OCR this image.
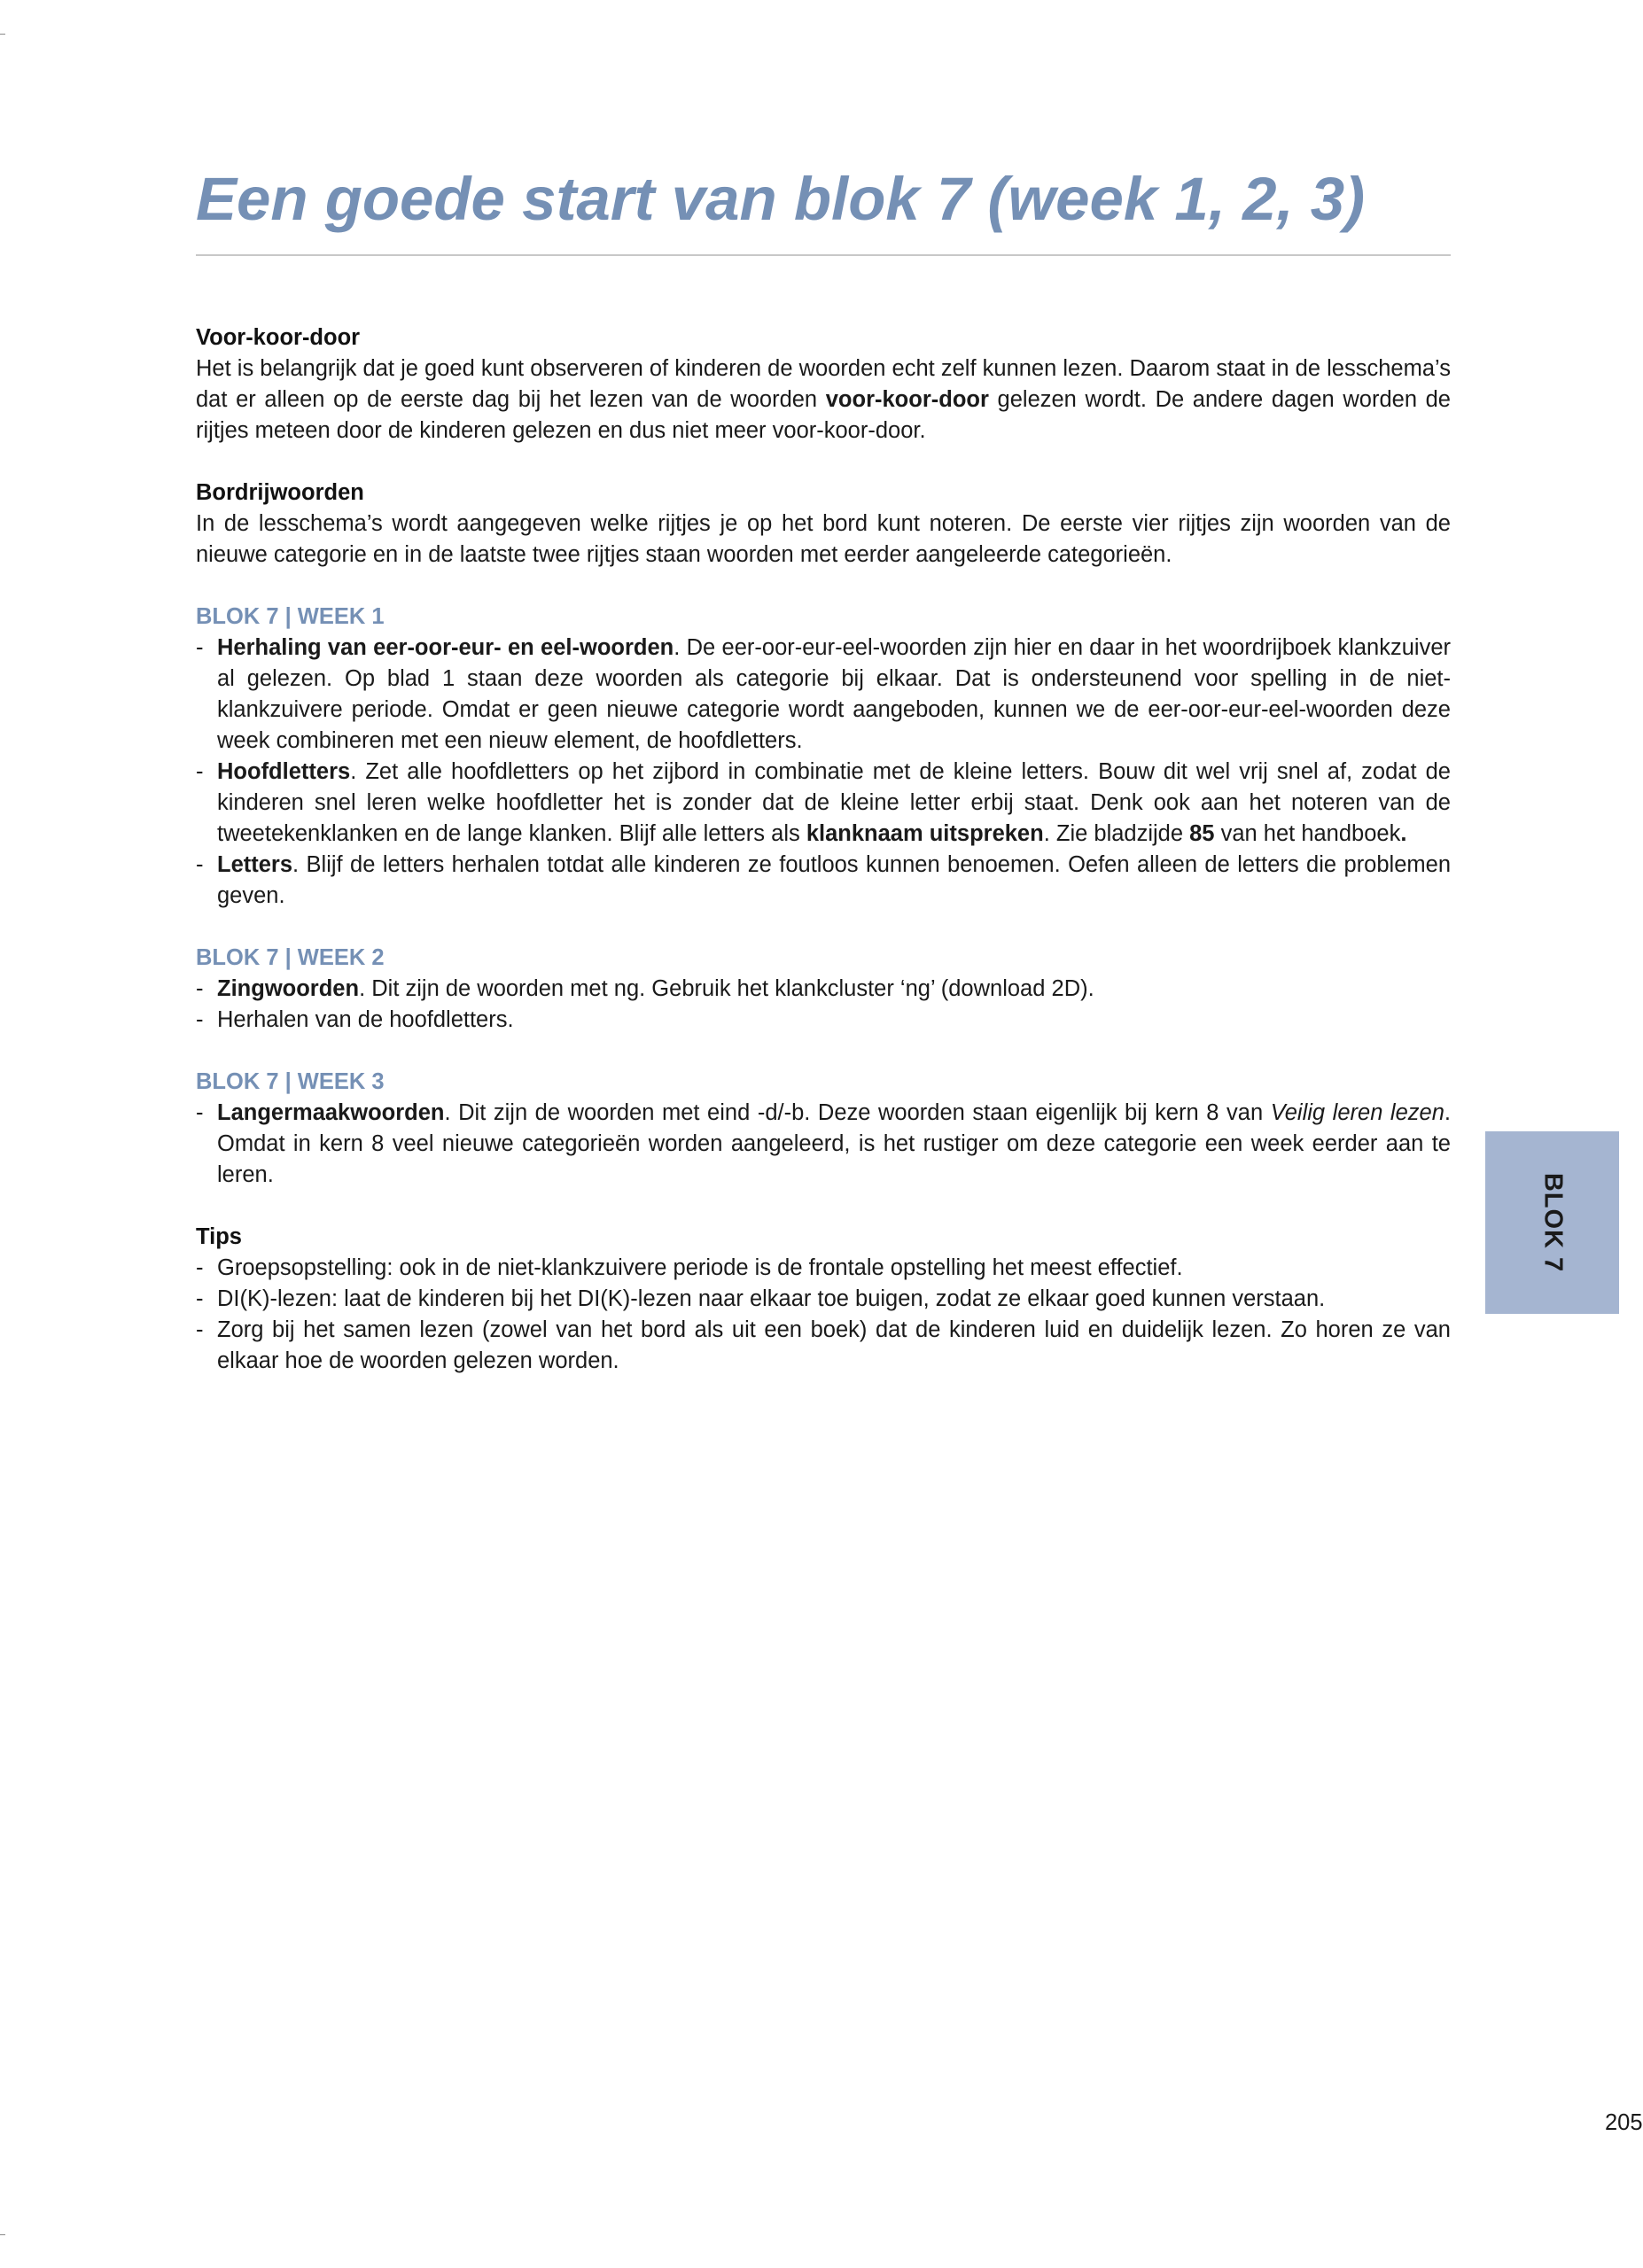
Een goede start van blok 7 (week 1, 2, 3)
Voor-koor-door

Het is belangrijk dat je goed kunt observeren of kinderen de woorden echt zelf kunnen lezen. Daarom staat in de lesschema’s dat er alleen op de eerste dag bij het lezen van de woorden voor-koor-door gelezen wordt. De andere dagen worden de rijtjes meteen door de kinderen gelezen en dus niet meer voor-koor-door.

Bordrijwoorden

In de lesschema’s wordt aangegeven welke rijtjes je op het bord kunt noteren. De eerste vier rijtjes zijn woorden van de nieuwe categorie en in de laatste twee rijtjes staan woorden met eerder aangeleerde categorieën.

BLOK 7 | WEEK 1
- Herhaling van eer-oor-eur- en eel-woorden. De eer-oor-eur-eel-woorden zijn hier en daar in het woordrijboek klankzuiver al gelezen. Op blad 1 staan deze woorden als categorie bij elkaar. Dat is ondersteunend voor spelling in de niet-klankzuivere periode. Omdat er geen nieuwe categorie wordt aangeboden, kunnen we de eer-oor-eur-eel-woorden deze week combineren met een nieuw element, de hoofdletters.
- Hoofdletters. Zet alle hoofdletters op het zijbord in combinatie met de kleine letters. Bouw dit wel vrij snel af, zodat de kinderen snel leren welke hoofdletter het is zonder dat de kleine letter erbij staat. Denk ook aan het noteren van de tweetekenklanken en de lange klanken. Blijf alle letters als klanknaam uitspreken. Zie bladzijde 85 van het handboek.
- Letters. Blijf de letters herhalen totdat alle kinderen ze foutloos kunnen benoemen. Oefen alleen de letters die problemen geven.
BLOK 7 | WEEK 2
- Zingwoorden. Dit zijn de woorden met ng. Gebruik het klankcluster ‘ng’ (download 2D).
- Herhalen van de hoofdletters.
BLOK 7 | WEEK 3
- Langermaakwoorden. Dit zijn de woorden met eind -d/-b. Deze woorden staan eigenlijk bij kern 8 van Veilig leren lezen. Omdat in kern 8 veel nieuwe categorieën worden aangeleerd, is het rustiger om deze categorie een week eerder aan te leren.
Tips
- Groepsopstelling: ook in de niet-klankzuivere periode is de frontale opstelling het meest effectief.
- DI(K)-lezen: laat de kinderen bij het DI(K)-lezen naar elkaar toe buigen, zodat ze elkaar goed kunnen verstaan.
- Zorg bij het samen lezen (zowel van het bord als uit een boek) dat de kinderen luid en duidelijk lezen. Zo horen ze van elkaar hoe de woorden gelezen worden.
205
BLOK 7
